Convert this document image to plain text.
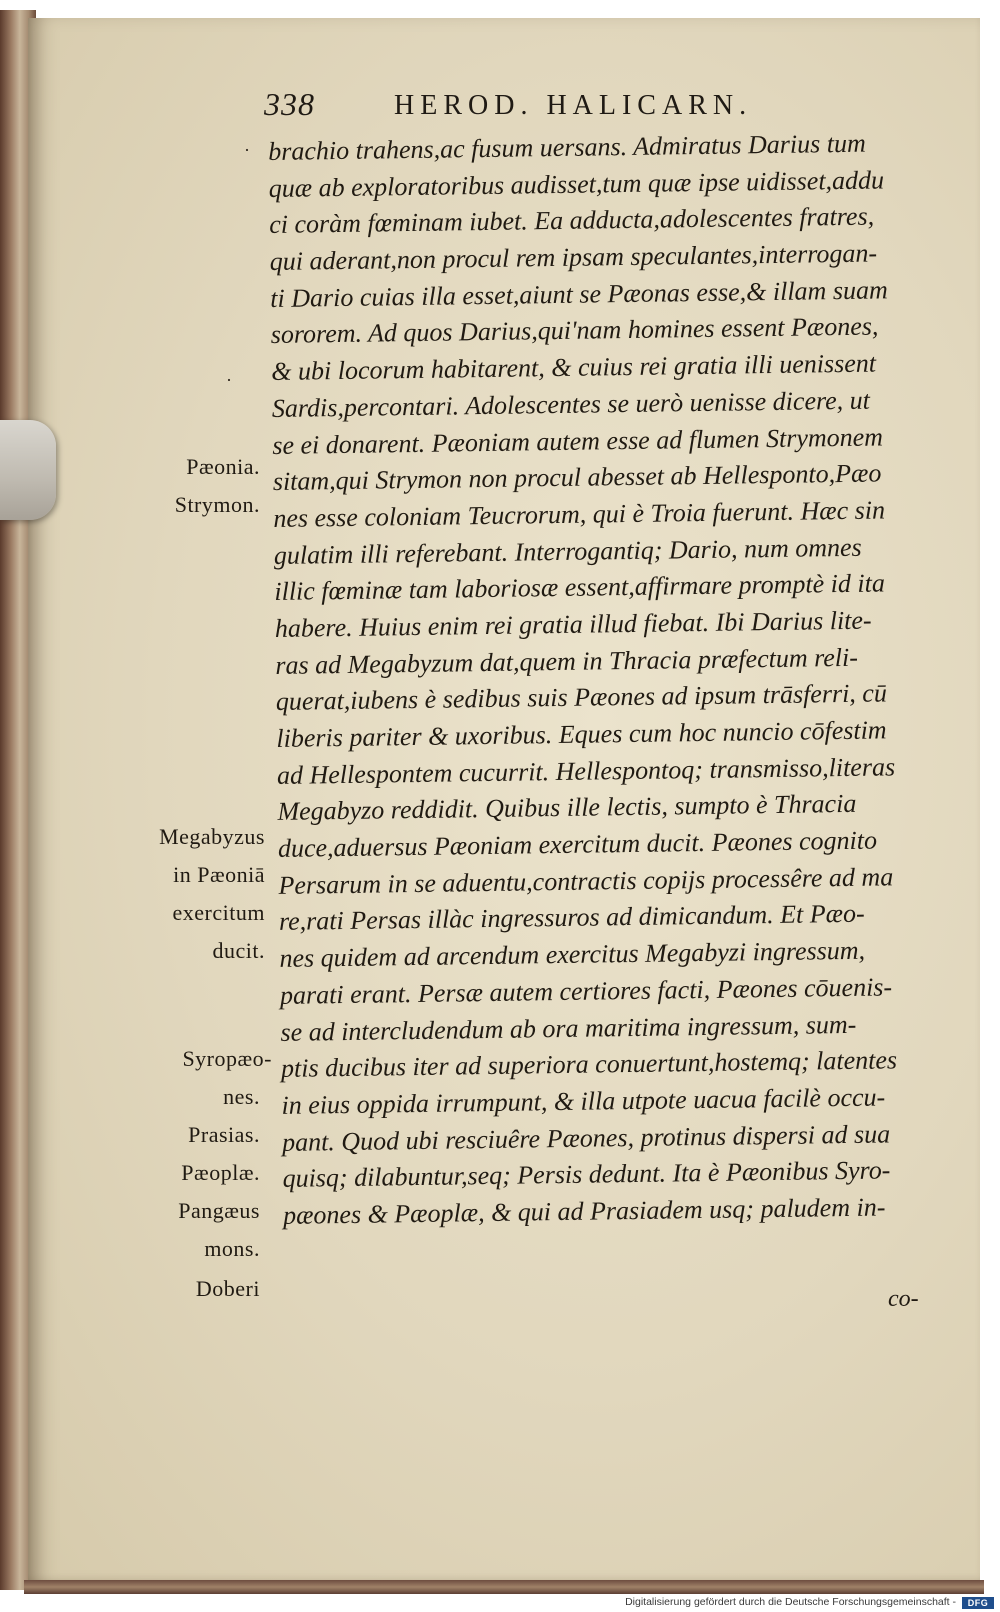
338	HEROD. HALICARN.
·
·
brachio trahens,ac fusum uersans. Admiratus Darius tum
quæ ab exploratoribus audisset,tum quæ ipse uidisset,addu
ci coràm fœminam iubet. Ea adducta,adolescentes fratres,
qui aderant,non procul rem ipsam speculantes,interrogan-
ti Dario cuias illa esset,aiunt se Pæonas esse,& illam suam
sororem. Ad quos Darius,qui'nam homines essent Pæones,
& ubi locorum habitarent, & cuius rei gratia illi uenissent
Sardis,percontari. Adolescentes se uerò uenisse dicere, ut
se ei donarent. Pæoniam autem esse ad flumen Strymonem
sitam,qui Strymon non procul abesset ab Hellesponto,Pæo
nes esse coloniam Teucrorum, qui è Troia fuerunt. Hæc sin
gulatim illi referebant. Interrogantiq; Dario, num omnes
illic fœminæ tam laboriosæ essent,affirmare promptè id ita
habere. Huius enim rei gratia illud fiebat. Ibi Darius lite-
ras ad Megabyzum dat,quem in Thracia præfectum reli-
querat,iubens è sedibus suis Pæones ad ipsum trāsferri, cū
liberis pariter & uxoribus. Eques cum hoc nuncio cōfestim
ad Hellespontem cucurrit. Hellespontoq; transmisso,literas
Megabyzo reddidit. Quibus ille lectis, sumpto è Thracia
duce,aduersus Pæoniam exercitum ducit. Pæones cognito
Persarum in se aduentu,contractis copijs processêre ad ma
re,rati Persas illàc ingressuros ad dimicandum. Et Pæo-
nes quidem ad arcendum exercitus Megabyzi ingressum,
parati erant. Persæ autem certiores facti, Pæones cōuenis-
se ad intercludendum ab ora maritima ingressum, sum-
ptis ducibus iter ad superiora conuertunt,hostemq; latentes
in eius oppida irrumpunt, & illa utpote uacua facilè occu-
pant. Quod ubi resciuêre Pæones, protinus dispersi ad sua
quisq; dilabuntur,seq; Persis dedunt. Ita è Pæonibus Syro-
pæones & Pæoplæ, & qui ad Prasiadem usq; paludem in-
Pæonia.
Strymon.
Megabyzus
in Pæoniā
exercitum
ducit.
Syropæo-
nes.
Prasias.
Pæoplæ.
Pangæus
mons.
Doberi	co-
Digitalisierung gefördert durch die Deutsche Forschungsgemeinschaft -	DFG
